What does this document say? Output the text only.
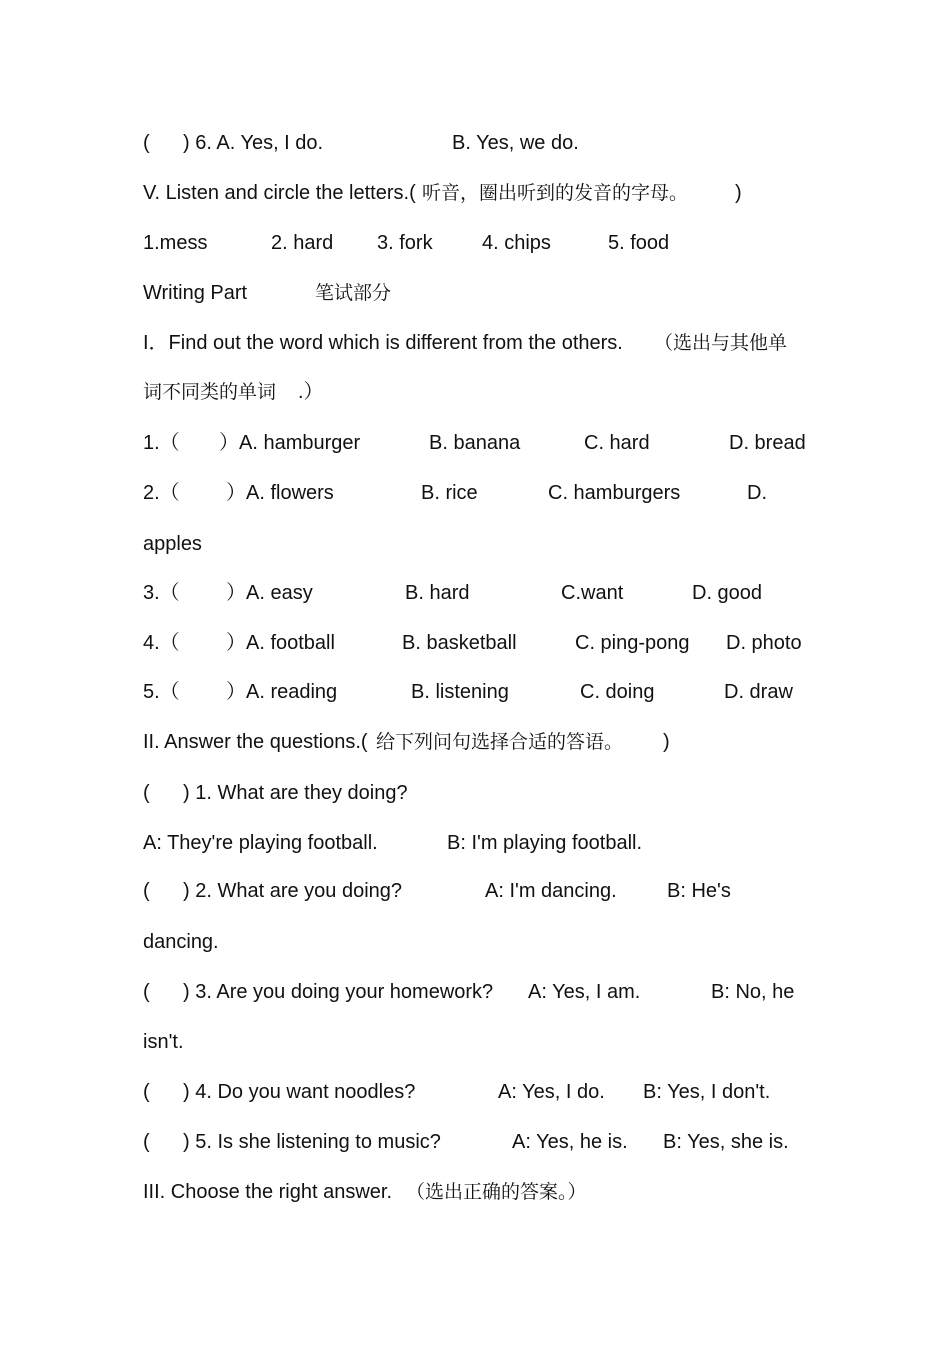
( ) 6. A. Yes, I do.	B. Yes, we do.
V. Listen and circle the letters.( 听音，圈出听到的发音的字母。 )
1.mess	2. hard 3. fork 4. chips	5. food
Writing Part	笔试部分
I．Find out the word which is different from the others. （选出与其他单
词不同类的单词 .）
1.（ ）A. hamburger	B. banana	C. hard	D. bread
2.（ ）A. flowers	B. rice	C. hamburgers	D.
apples
3.（ ）A. easy	B. hard	C.want	D. good
4.（ ）A. football	B. basketball	C. ping-pong D. photo
5.（ ）A. reading	B. listening	C. doing	D. draw
II. Answer the questions.( 给下列问句选择合适的答语。 )
( ) 1. What are they doing?
A: They're playing football.	B: I'm playing football.
( ) 2. What are you doing?	A: I'm dancing.	B: He's
dancing.
( ) 3. Are you doing your homework? A: Yes, I am.	B: No, he
isn't.
( ) 4. Do you want noodles?	A: Yes, I do. B: Yes, I don't.
( ) 5. Is she listening to music?	A: Yes, he is. B: Yes, she is.
III. Choose the right answer. （选出正确的答案。）
